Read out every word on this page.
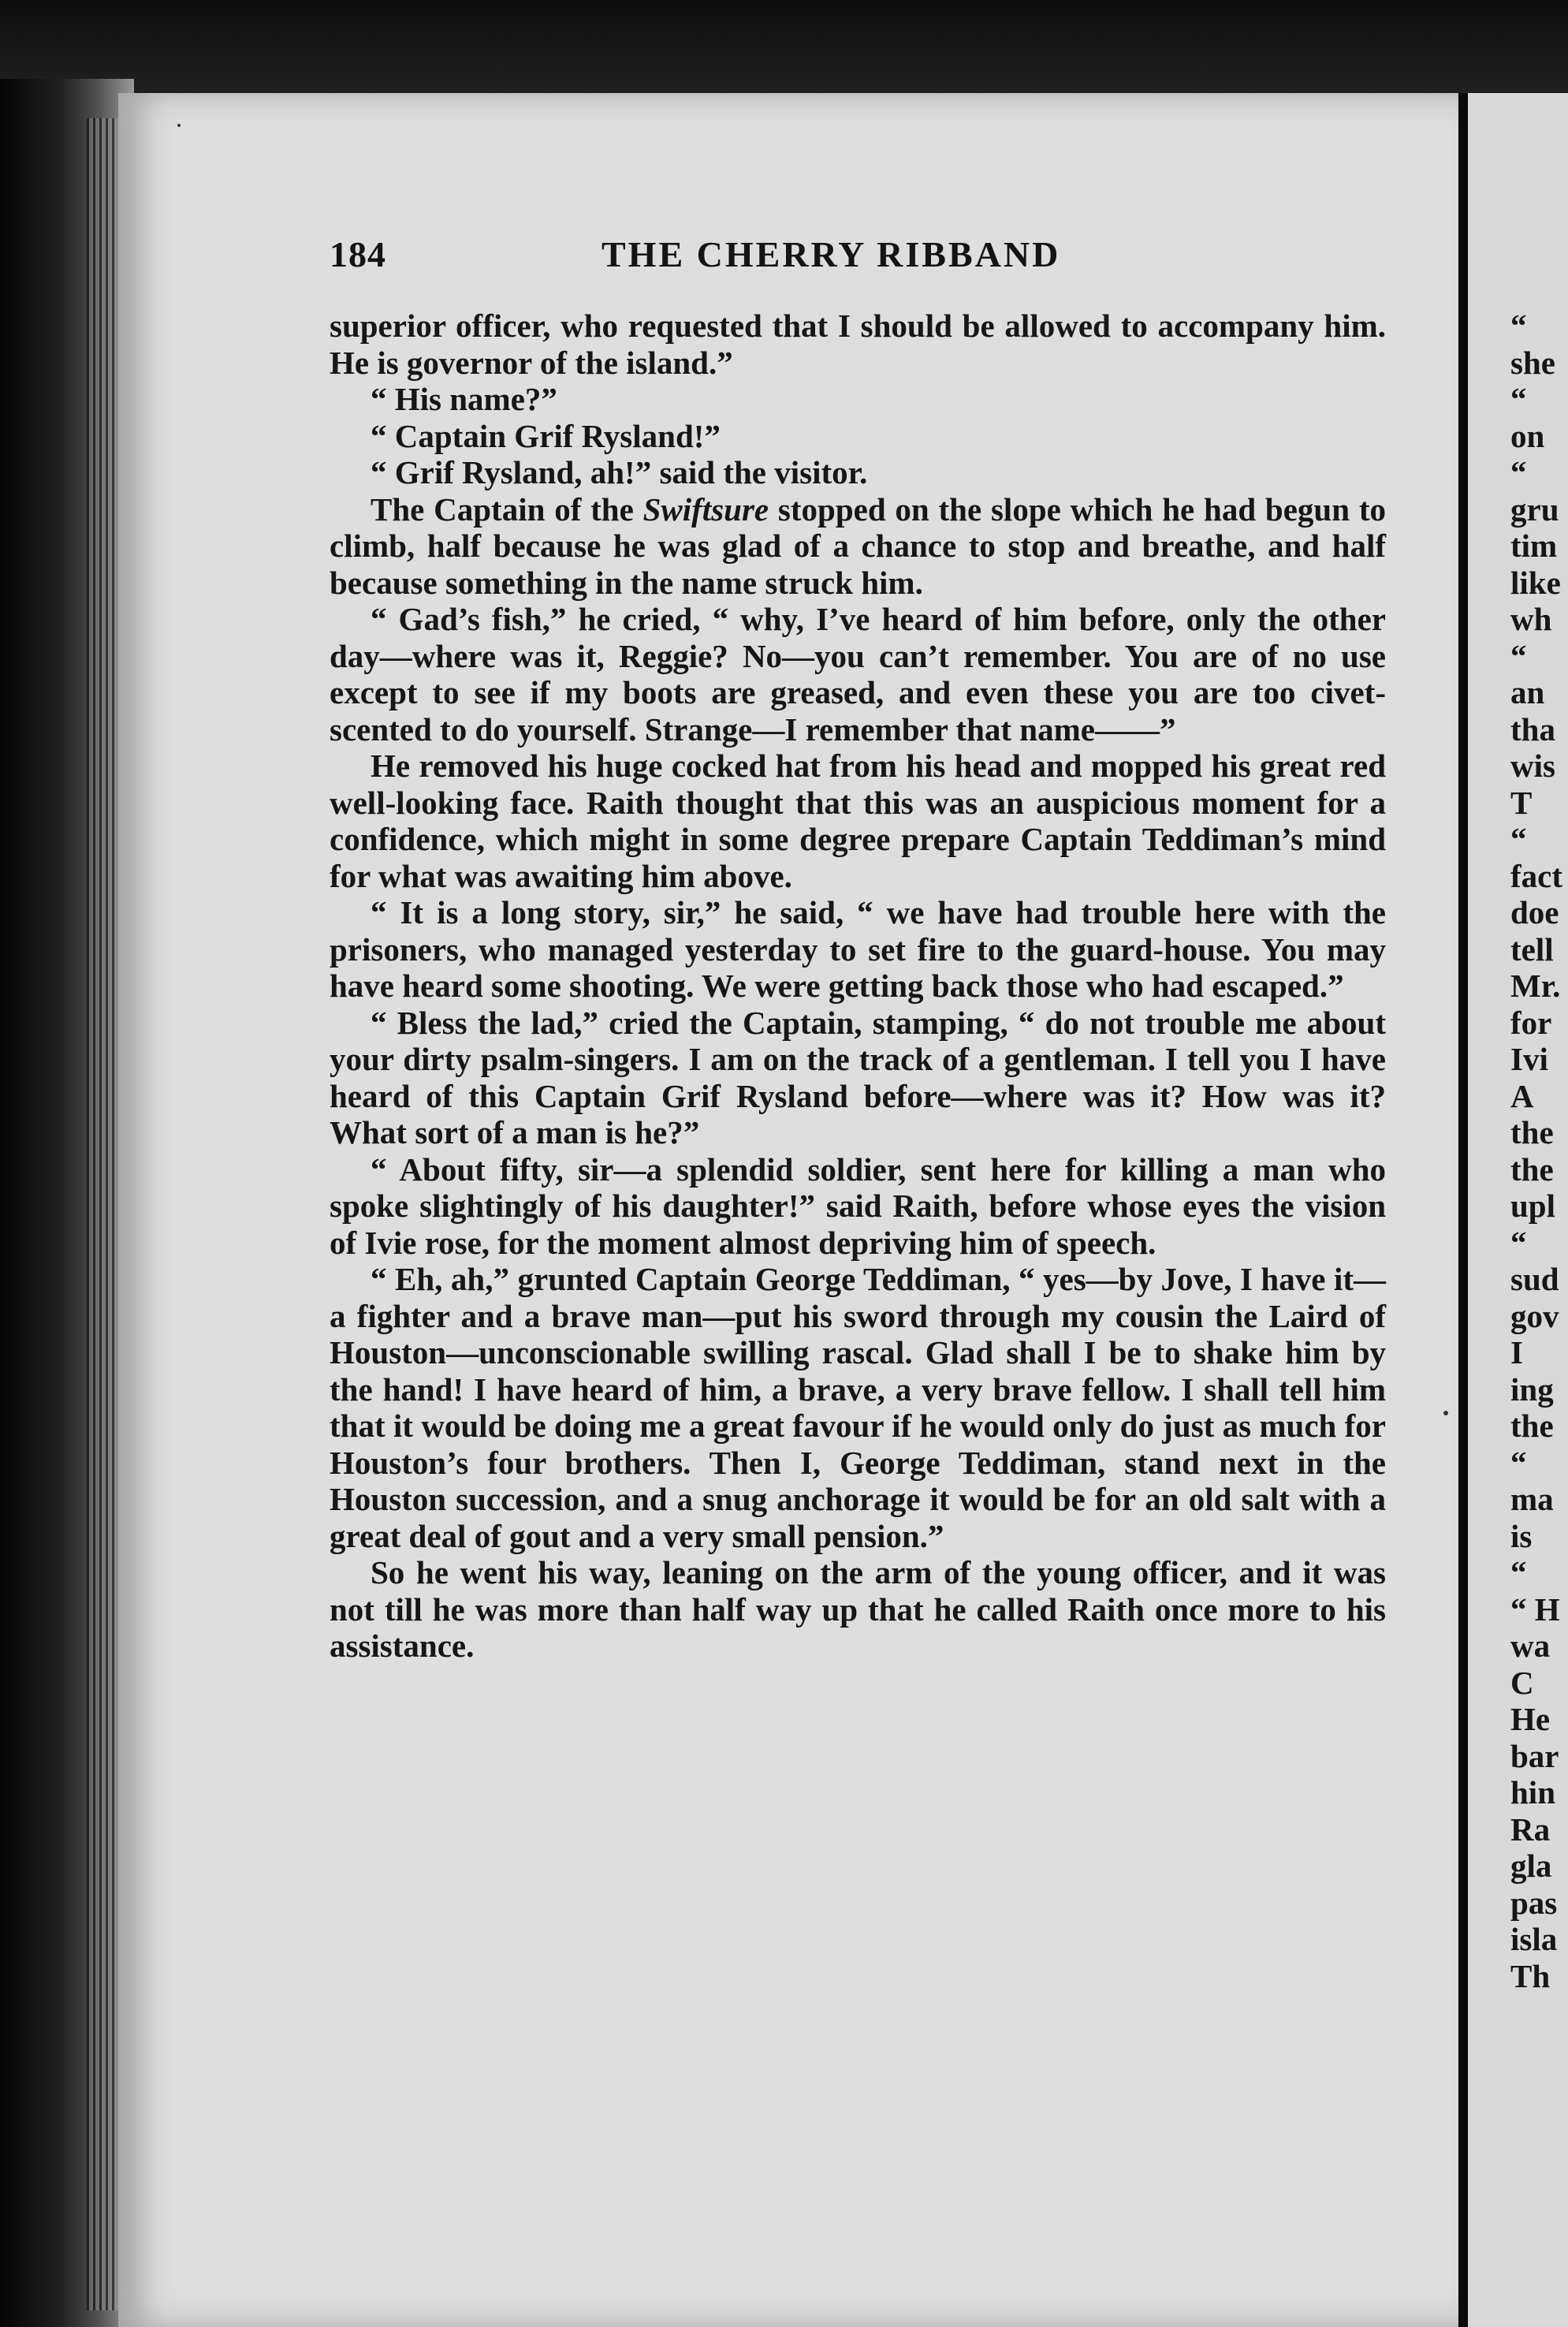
184	THE CHERRY RIBBAND

superior officer, who requested that I should be allowed to accompany him. He is governor of the island.”

“ His name?”

“ Captain Grif Rysland!”

“ Grif Rysland, ah!” said the visitor.

The Captain of the Swiftsure stopped on the slope which he had begun to climb, half because he was glad of a chance to stop and breathe, and half because something in the name struck him.

“ Gad’s fish,” he cried, “ why, I’ve heard of him before, only the other day—where was it, Reggie? No—you can’t remember. You are of no use except to see if my boots are greased, and even these you are too civet-scented to do yourself. Strange—I remember that name——”

He removed his huge cocked hat from his head and mopped his great red well-looking face. Raith thought that this was an auspicious moment for a confidence, which might in some degree prepare Captain Teddiman’s mind for what was awaiting him above.

“ It is a long story, sir,” he said, “ we have had trouble here with the prisoners, who managed yesterday to set fire to the guard-house. You may have heard some shooting. We were getting back those who had escaped.”

“ Bless the lad,” cried the Captain, stamping, “ do not trouble me about your dirty psalm-singers. I am on the track of a gentleman. I tell you I have heard of this Captain Grif Rysland before—where was it? How was it? What sort of a man is he?”

“ About fifty, sir—a splendid soldier, sent here for killing a man who spoke slightingly of his daughter!” said Raith, before whose eyes the vision of Ivie rose, for the moment almost depriving him of speech.

“ Eh, ah,” grunted Captain George Teddiman, “ yes—by Jove, I have it—a fighter and a brave man—put his sword through my cousin the Laird of Houston—unconscionable swilling rascal. Glad shall I be to shake him by the hand! I have heard of him, a brave, a very brave fellow. I shall tell him that it would be doing me a great favour if he would only do just as much for Houston’s four brothers. Then I, George Teddiman, stand next in the Houston succession, and a snug anchorage it would be for an old salt with a great deal of gout and a very small pension.”

So he went his way, leaning on the arm of the young officer, and it was not till he was more than half way up that he called Raith once more to his assistance.

“
she
“
on
“
gru
tim
like
wh
“
an
tha
wis
T
“
fact
doe
tell
Mr.
for
Ivi
A
the
the
upl
“
sud
gov
I
ing
the
“
ma
is
“
“ H
wa
C
He
bar
hin
Ra
gla
pas
isla
Th
